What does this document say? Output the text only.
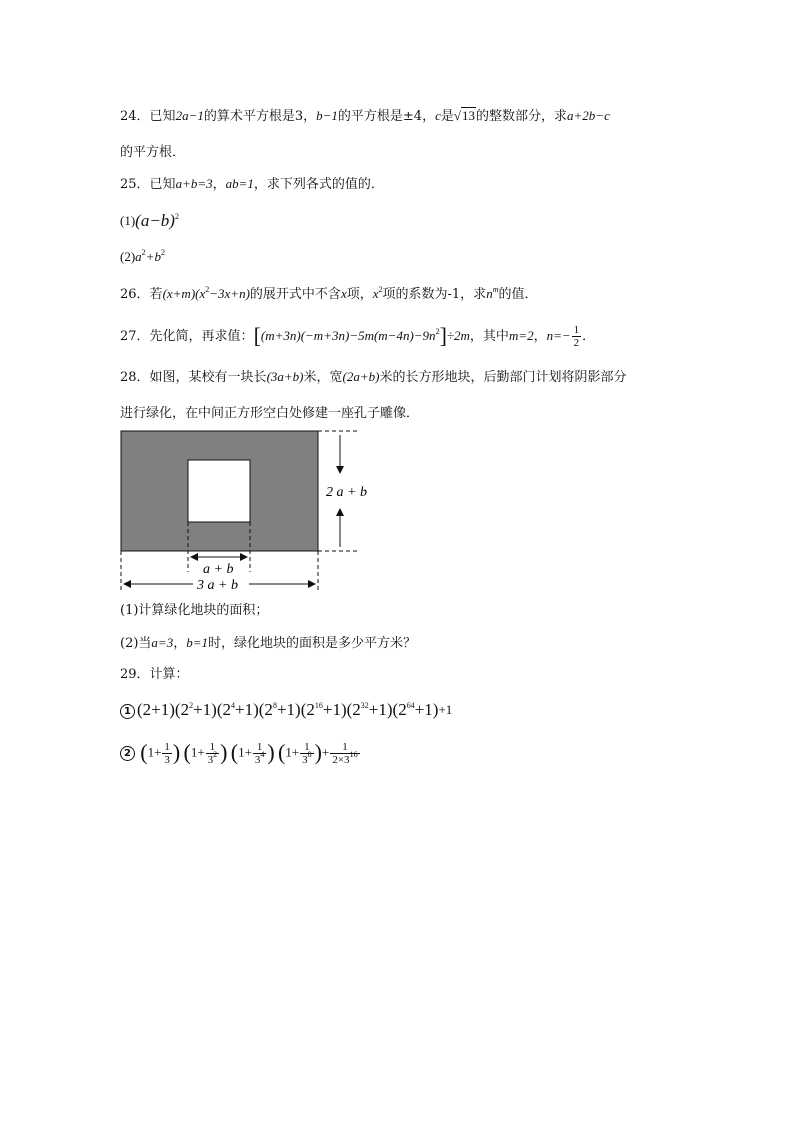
24．已知2a−1的算术平方根是3，b−1的平方根是±4，c是√13的整数部分，求a+2b−c
的平方根．
25．已知a+b=3，ab=1，求下列各式的值的．
$(1)(a-b)^2$
$(2)a^2+b^2$
26．若$(x+m)(x^2-3x+n)$的展开式中不含x项，$x^2$项的系数为-1，求$n^m$的值．
27．先化简，再求值：$[(m+3n)(-m+3n)-5m(m-4n)-9n^2]\div 2m$，其中m=2，$n=- \frac{1}{2}$ ．
28．如图，某校有一块长(3a+b)米，宽(2a+b)米的长方形地块，后勤部门计划将阴影部分
进行绿化，在中间正方形空白处修建一座孔子雕像．
2 a + b
a + b
3 a + b
(1)计算绿化地块的面积；
(2)当a=3，b=1时，绿化地块的面积是多少平方米？
29．计算：
1 $(2+1)(2^2+1)(2^4+1)(2^8+1)(2^{16}+1)(2^{32}+1)(2^{64}+1)+1$
2 ($1+ \frac{1}{3}$ ) ($1+ \frac{1}{3^2}$ ) ($1+ \frac{1}{3^4}$ ) ($1+ \frac{1}{3^8}$ )+ $\frac{1}{2\times 3^{16}}$
